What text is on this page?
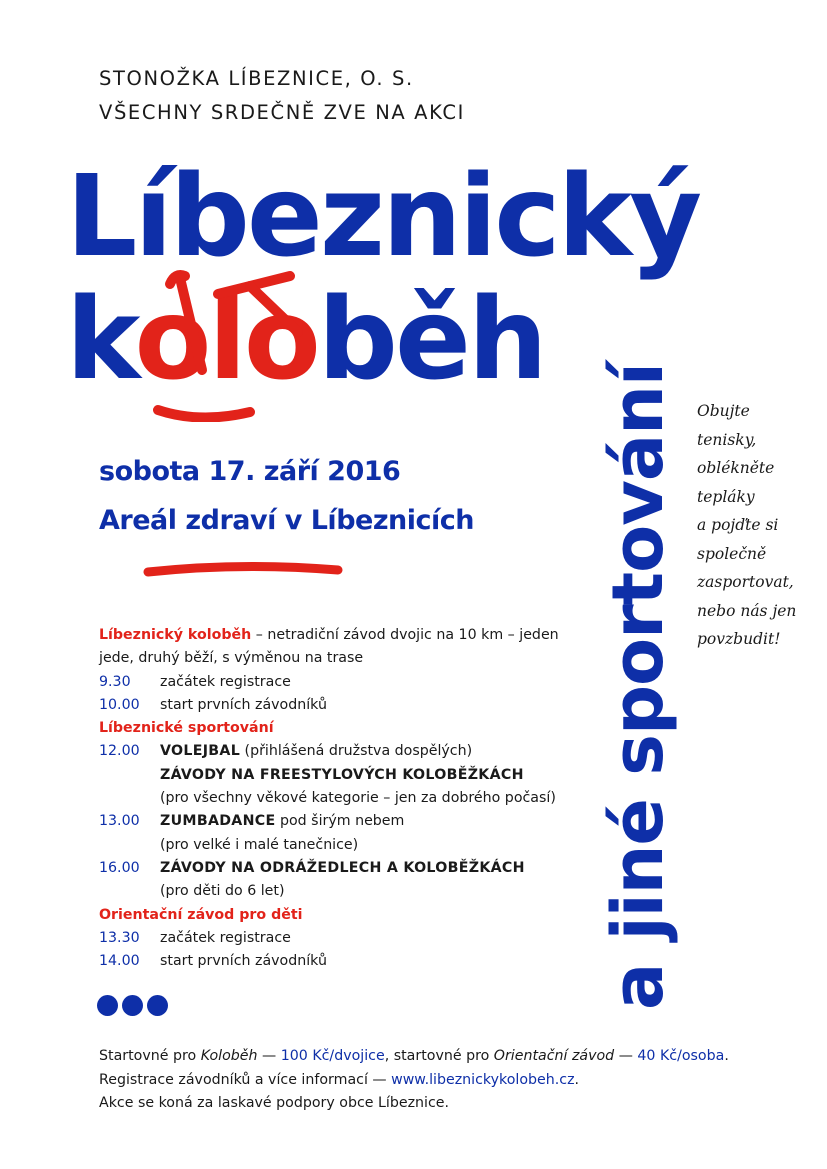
STONOŽKA LÍBEZNICE, O. S.
VŠECHNY SRDEČNĚ ZVE NA AKCI
Líbeznický
koloběh
a jiné sportování	Obujte
tenisky,
oblékněte
tepláky
a pojďte si
společně
zasportovat,
nebo nás jen
povzbudit!
sobota 17. září 2016
Areál zdraví v Líbeznicích
Líbeznický koloběh – netradiční závod dvojic na 10 km – jeden
jede, druhý běží, s výměnou na trase
9.30	začátek registrace
10.00	start prvních závodníků
Líbeznické sportování
12.00	VOLEJBAL (přihlášená družstva dospělých)
ZÁVODY NA FREESTYLOVÝCH KOLOBĚŽKÁCH
(pro všechny věkové kategorie – jen za dobrého počasí)
13.00	ZUMBADANCE pod širým nebem
(pro velké i malé tanečnice)
16.00	ZÁVODY NA ODRÁŽEDLECH A KOLOBĚŽKÁCH
(pro děti do 6 let)
Orientační závod pro děti
13.30	začátek registrace
14.00	start prvních závodníků
Startovné pro Koloběh — 100 Kč/dvojice, startovné pro Orientační závod — 40 Kč/osoba.
Registrace závodníků a více informací — www.libeznickykolobeh.cz.
Akce se koná za laskavé podpory obce Líbeznice.
